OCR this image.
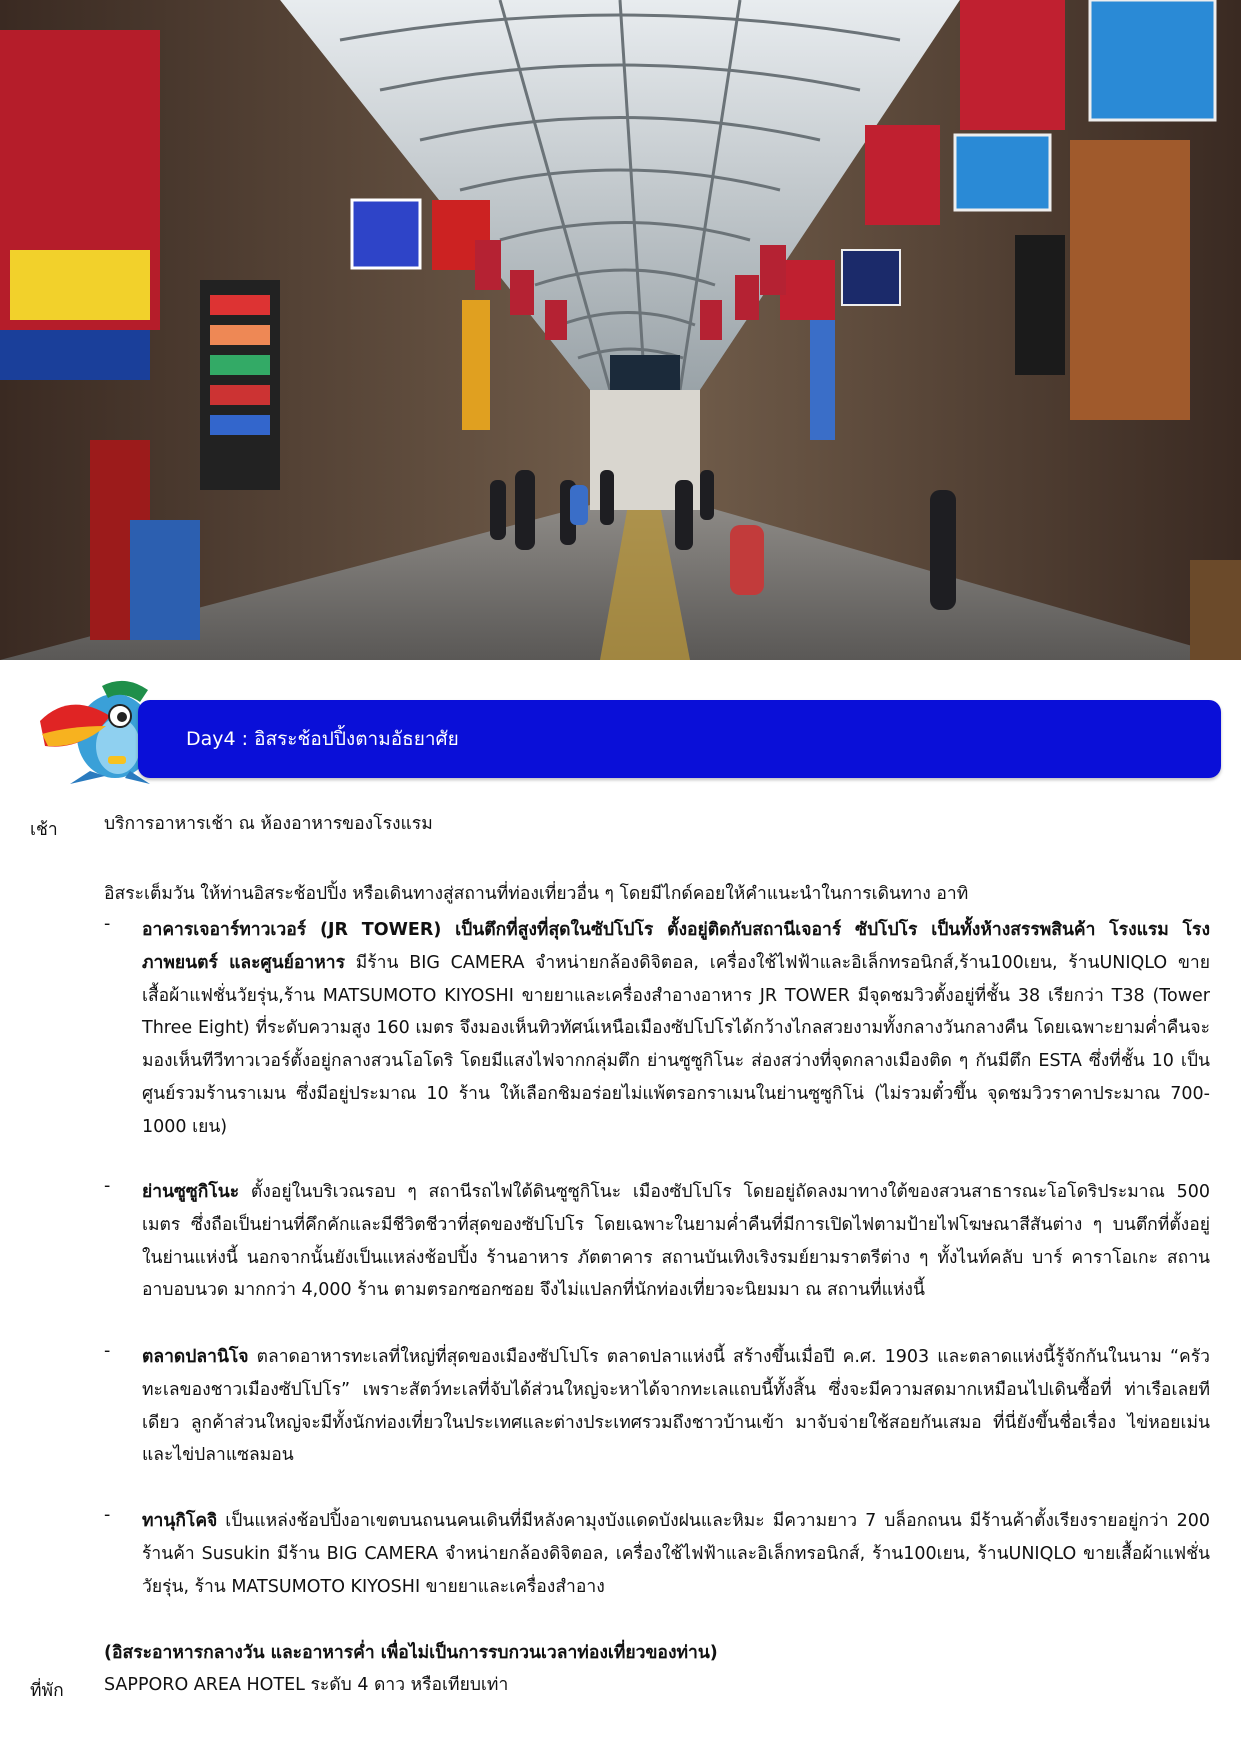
Day4 : อิสระช้อปปิ้งตามอัธยาศัย
เช้า	บริการอาหารเช้า ณ ห้องอาหารของโรงแรม
อิสระเต็มวัน ให้ท่านอิสระช้อปปิ้ง หรือเดินทางสู่สถานที่ท่องเที่ยวอื่น ๆ โดยมีไกด์คอยให้คำแนะนำในการเดินทาง อาทิ
- อาคารเจอาร์ทาวเวอร์ (JR TOWER) เป็นตึกที่สูงที่สุดในซัปโปโร ตั้งอยู่ติดกับสถานีเจอาร์ ซัปโปโร เป็นทั้งห้างสรรพสินค้า โรงแรม โรงภาพยนตร์ และศูนย์อาหาร มีร้าน BIG CAMERA จำหน่ายกล้องดิจิตอล, เครื่องใช้ไฟฟ้าและอิเล็กทรอนิกส์,ร้าน100เยน, ร้านUNIQLO ขายเสื้อผ้าแฟชั่นวัยรุ่น,ร้าน MATSUMOTO KIYOSHI ขายยาและเครื่องสำอางอาหาร JR TOWER มีจุดชมวิวตั้งอยู่ที่ชั้น 38 เรียกว่า T38 (Tower Three Eight) ที่ระดับความสูง 160 เมตร จึงมองเห็นทิวทัศน์เหนือเมืองซัปโปโรได้กว้างไกลสวยงามทั้งกลางวันกลางคืน โดยเฉพาะยามค่ำคืนจะมองเห็นทีวีทาวเวอร์ตั้งอยู่กลางสวนโอโดริ โดยมีแสงไฟจากกลุ่มตึก ย่านซูซูกิโนะ ส่องสว่างที่จุดกลางเมืองติด ๆ กันมีตึก ESTA ซึ่งที่ชั้น 10 เป็นศูนย์รวมร้านราเมน ซึ่งมีอยู่ประมาณ 10 ร้าน ให้เลือกชิมอร่อยไม่แพ้ตรอกราเมนในย่านซูซูกิโน่ (ไม่รวมตั๋วขึ้น จุดชมวิวราคาประมาณ 700-1000 เยน)
- ย่านซูซูกิโนะ ตั้งอยู่ในบริเวณรอบ ๆ สถานีรถไฟใต้ดินซูซูกิโนะ เมืองซัปโปโร โดยอยู่ถัดลงมาทางใต้ของสวนสาธารณะโอโดริประมาณ 500 เมตร ซึ่งถือเป็นย่านที่คึกคักและมีชีวิตชีวาที่สุดของซัปโปโร โดยเฉพาะในยามค่ำคืนที่มีการเปิดไฟตามป้ายไฟโฆษณาสีสันต่าง ๆ บนตึกที่ตั้งอยู่ในย่านแห่งนี้ นอกจากนั้นยังเป็นแหล่งช้อปปิ้ง ร้านอาหาร ภัตตาคาร สถานบันเทิงเริงรมย์ยามราตรีต่าง ๆ ทั้งไนท์คลับ บาร์ คาราโอเกะ สถานอาบอบนวด มากกว่า 4,000 ร้าน ตามตรอกซอกซอย จึงไม่แปลกที่นักท่องเที่ยวจะนิยมมา ณ สถานที่แห่งนี้
- ตลาดปลานิโจ ตลาดอาหารทะเลที่ใหญ่ที่สุดของเมืองซัปโปโร ตลาดปลาแห่งนี้ สร้างขึ้นเมื่อปี ค.ศ. 1903 และตลาดแห่งนี้รู้จักกันในนาม “ครัวทะเลของชาวเมืองซัปโปโร” เพราะสัตว์ทะเลที่จับได้ส่วนใหญ่จะหาได้จากทะเลแถบนี้ทั้งสิ้น ซึ่งจะมีความสดมากเหมือนไปเดินซื้อที่ ท่าเรือเลยทีเดียว ลูกค้าส่วนใหญ่จะมีทั้งนักท่องเที่ยวในประเทศและต่างประเทศรวมถึงชาวบ้านเข้า มาจับจ่ายใช้สอยกันเสมอ ที่นี่ยังขึ้นชื่อเรื่อง ไข่หอยเม่นและไข่ปลาแซลมอน
- ทานุกิโคจิ เป็นแหล่งช้อปปิ้งอาเขตบนถนนคนเดินที่มีหลังคามุงบังแดดบังฝนและหิมะ มีความยาว 7 บล็อกถนน มีร้านค้าตั้งเรียงรายอยู่กว่า 200 ร้านค้า Susukin มีร้าน BIG CAMERA จำหน่ายกล้องดิจิตอล, เครื่องใช้ไฟฟ้าและอิเล็กทรอนิกส์, ร้าน100เยน, ร้านUNIQLO ขายเสื้อผ้าแฟชั่นวัยรุ่น, ร้าน MATSUMOTO KIYOSHI ขายยาและเครื่องสำอาง
(อิสระอาหารกลางวัน และอาหารค่ำ เพื่อไม่เป็นการรบกวนเวลาท่องเที่ยวของท่าน)
ที่พัก SAPPORO AREA HOTEL ระดับ 4 ดาว หรือเทียบเท่า
